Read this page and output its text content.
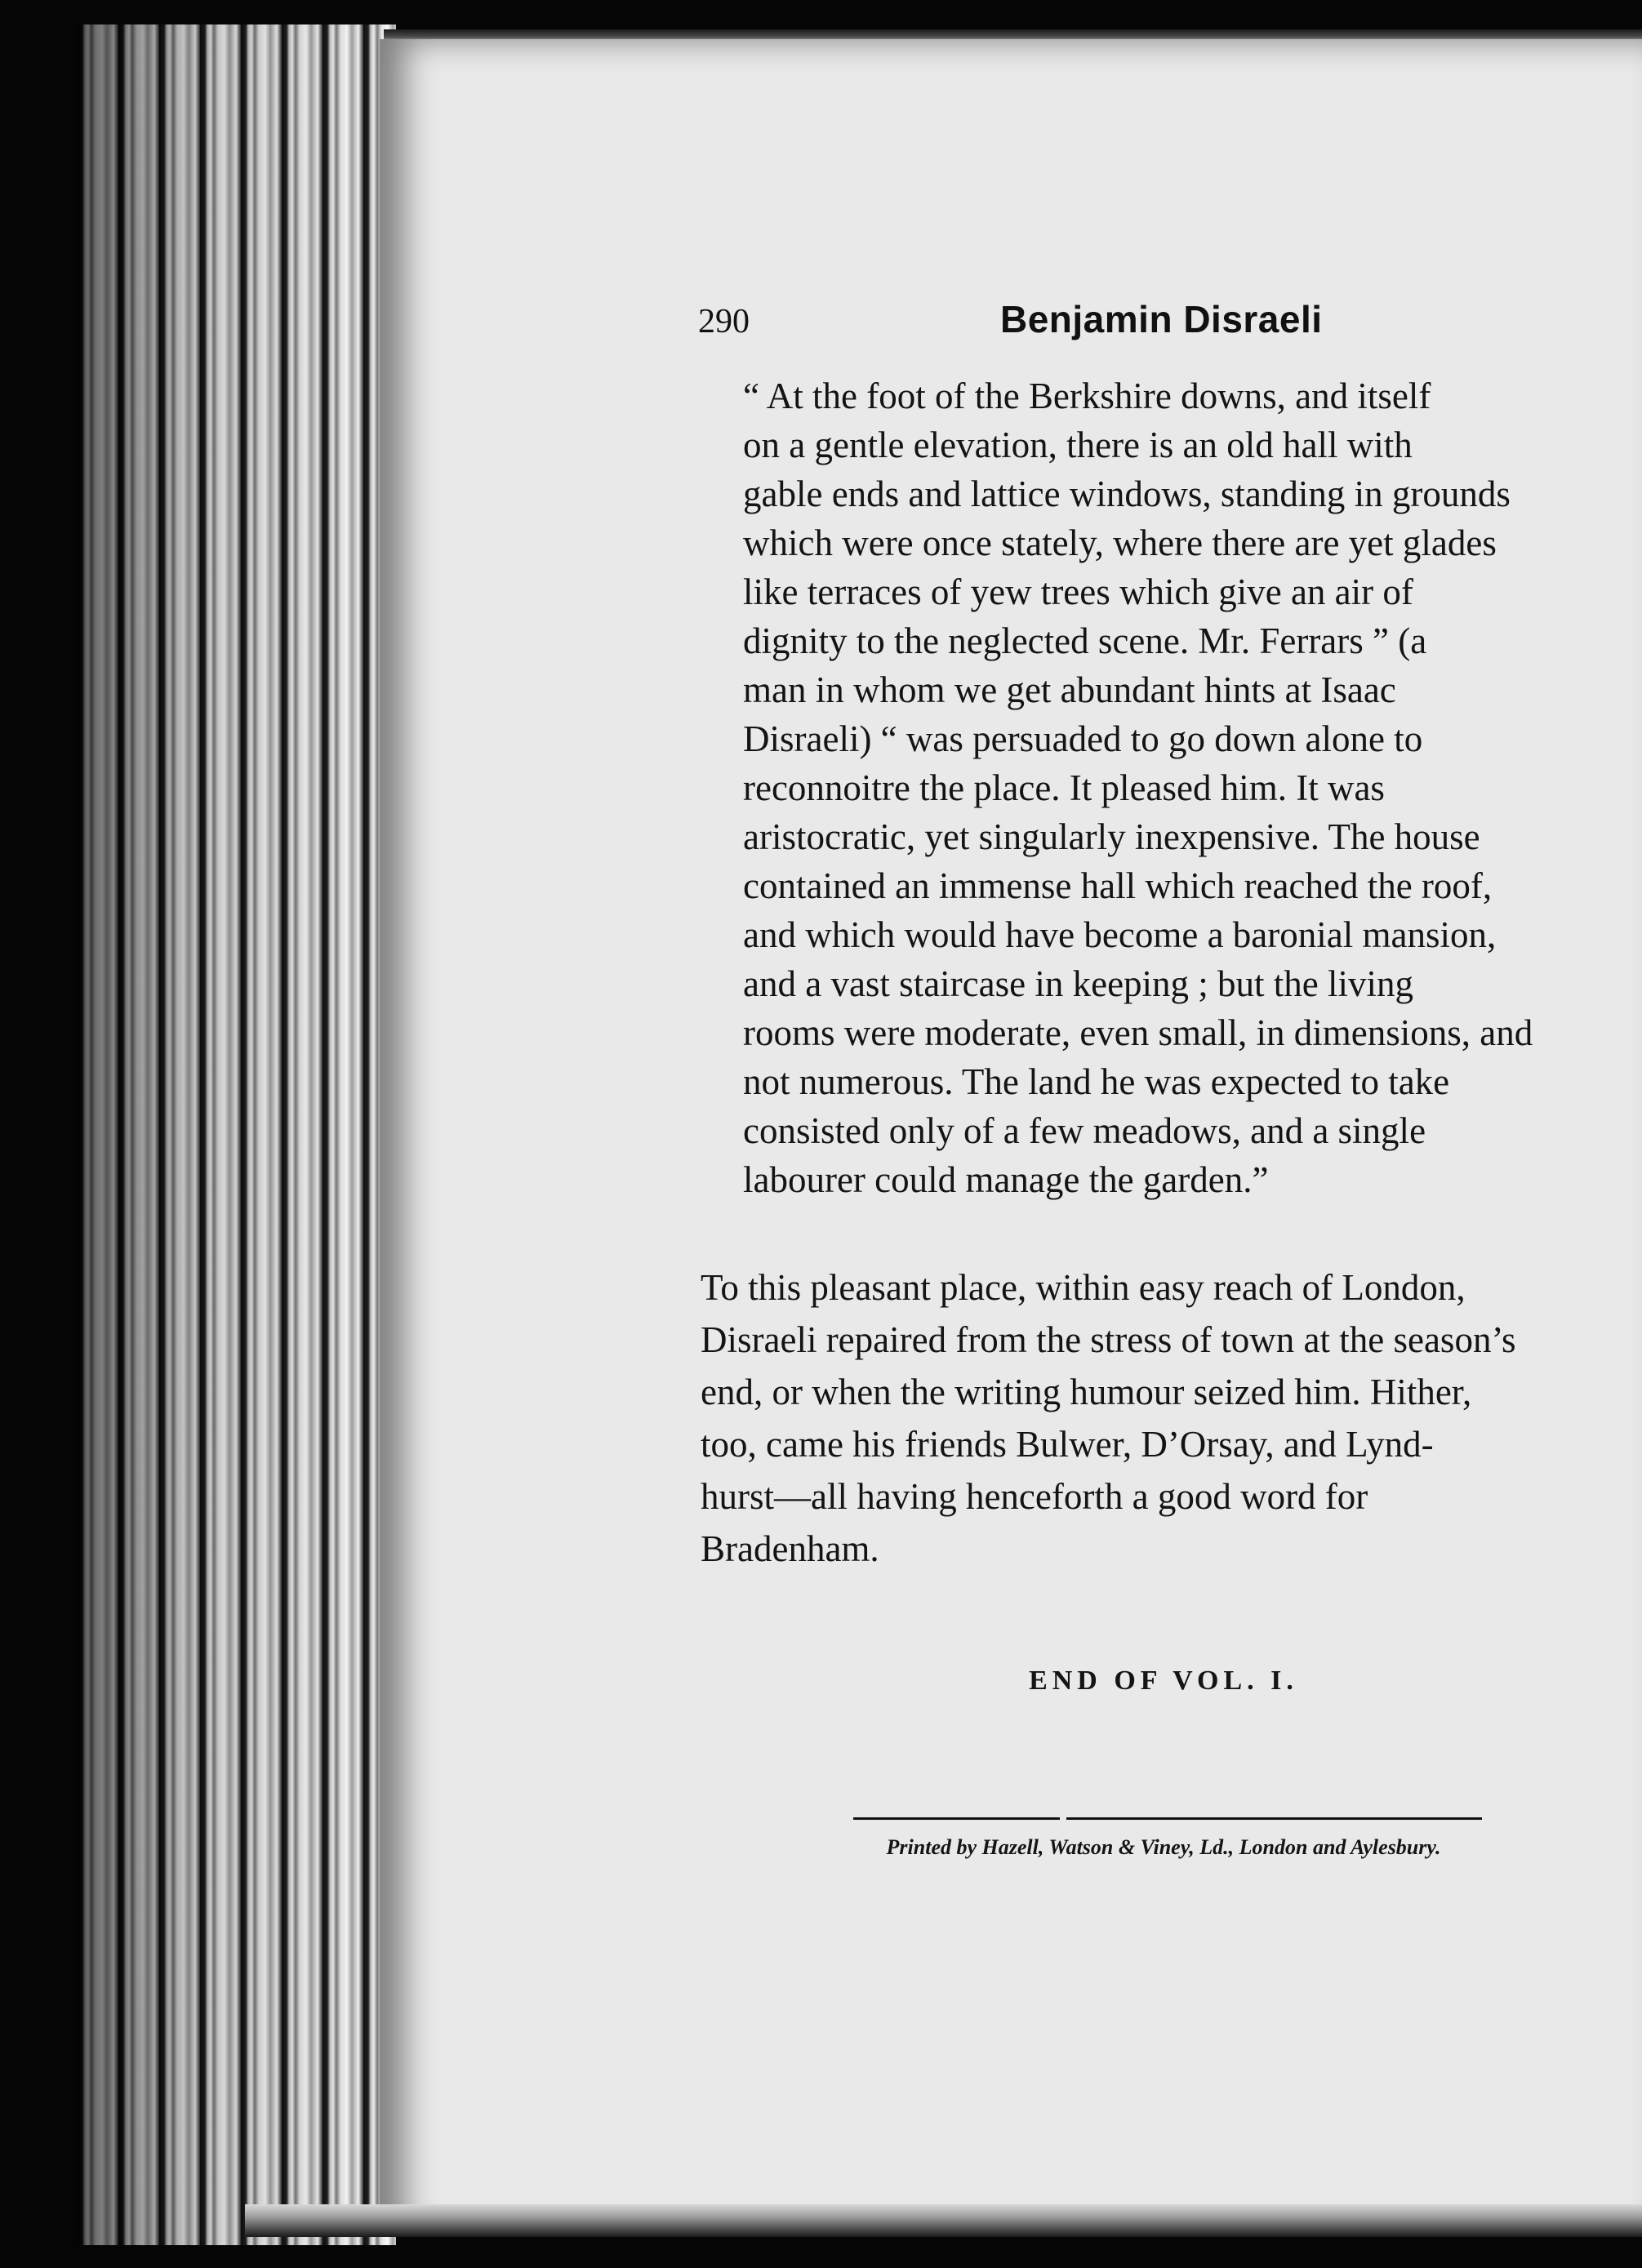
290	Benjamin Disraeli

“ At the foot of the Berkshire downs, and itself

on a gentle elevation, there is an old hall with

gable ends and lattice windows, standing in grounds

which were once stately, where there are yet glades

like terraces of yew trees which give an air of

dignity to the neglected scene. Mr. Ferrars ” (a

man in whom we get abundant hints at Isaac

Disraeli) “ was persuaded to go down alone to

reconnoitre the place. It pleased him. It was

aristocratic, yet singularly inexpensive. The house

contained an immense hall which reached the roof,

and which would have become a baronial mansion,

and a vast staircase in keeping ; but the living

rooms were moderate, even small, in dimensions, and

not numerous. The land he was expected to take

consisted only of a few meadows, and a single

labourer could manage the garden.”

To this pleasant place, within easy reach of London,

Disraeli repaired from the stress of town at the season’s

end, or when the writing humour seized him. Hither,

too, came his friends Bulwer, D’Orsay, and Lynd-

hurst—all having henceforth a good word for

Bradenham.

END OF VOL. I.
Printed by Hazell, Watson & Viney, Ld., London and Aylesbury.
